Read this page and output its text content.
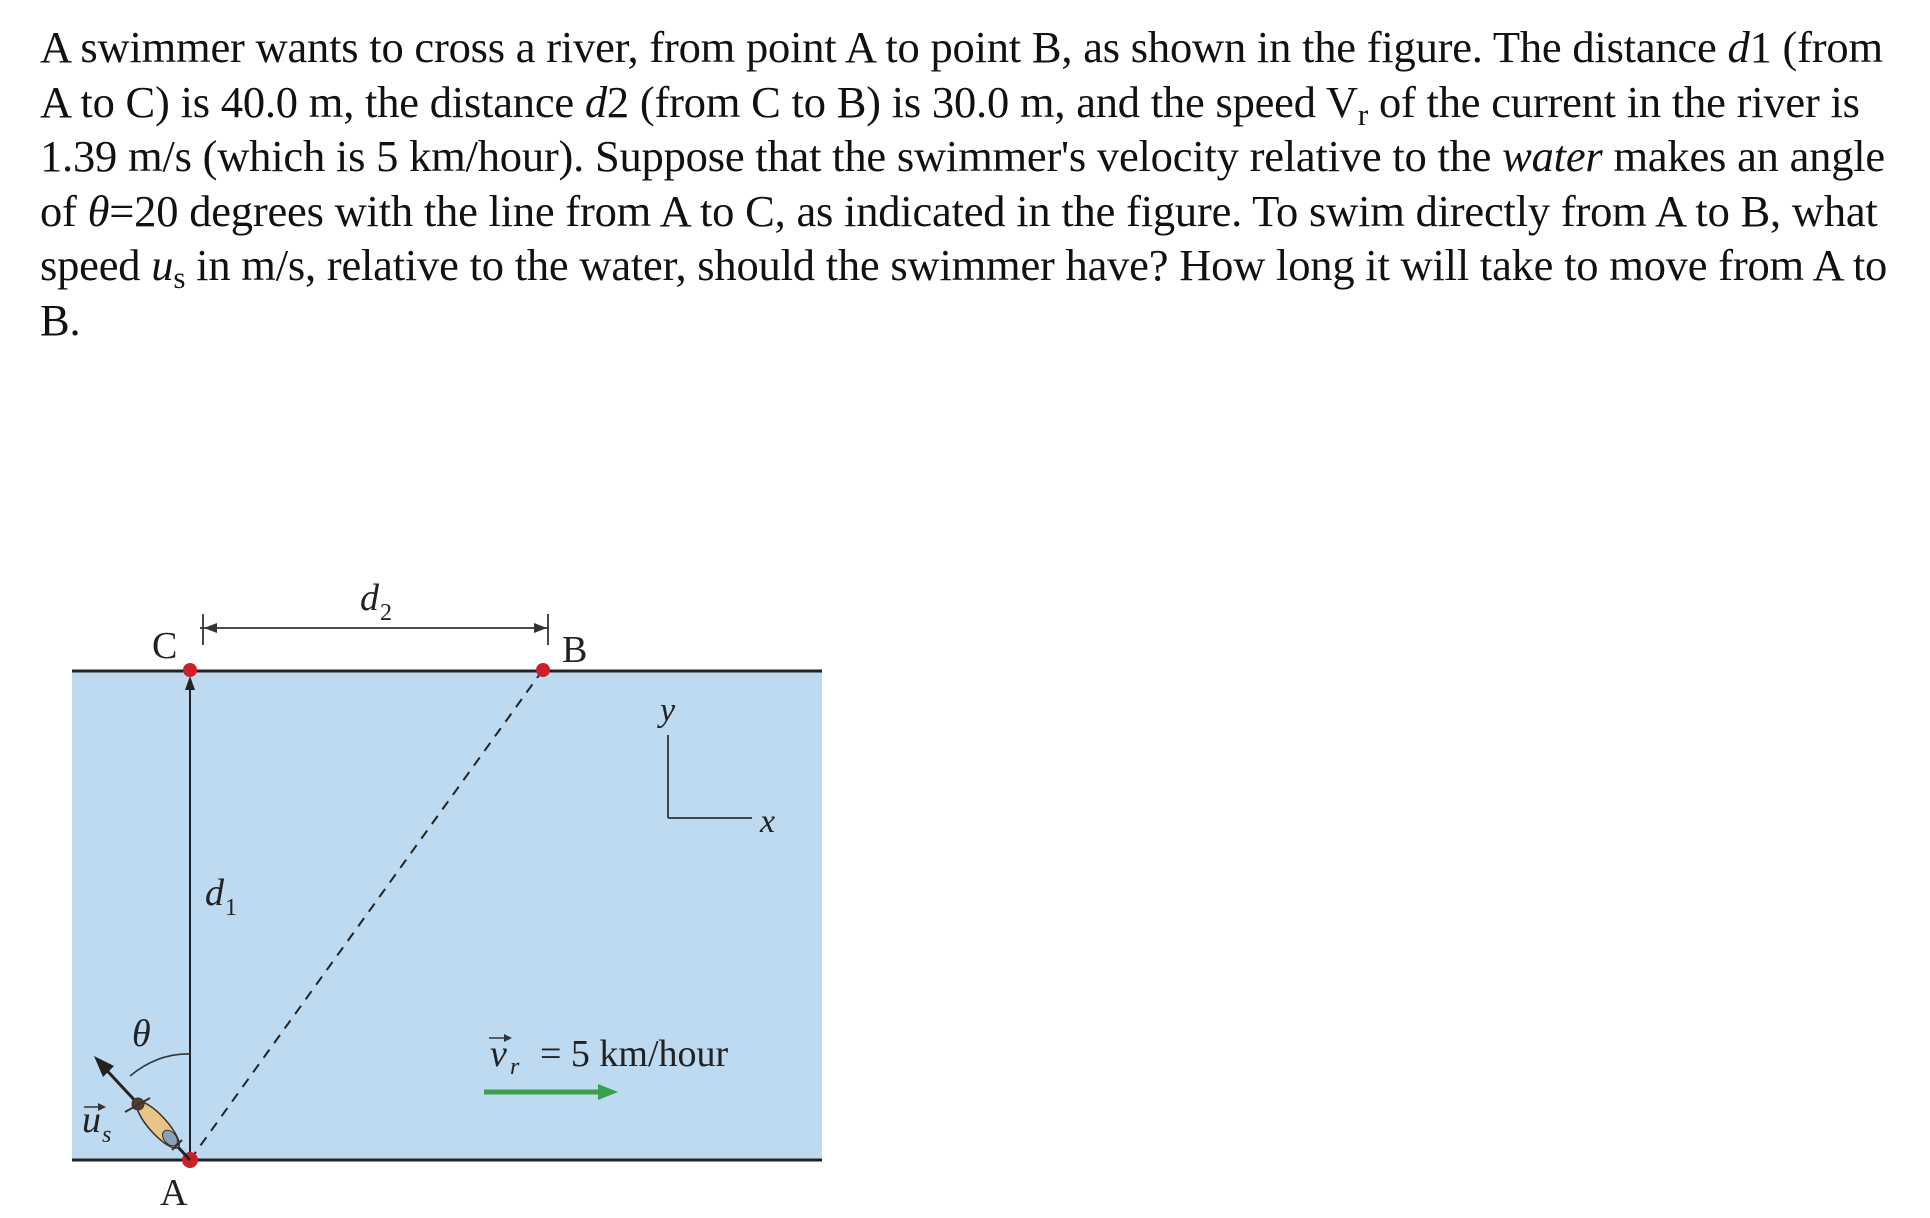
A swimmer wants to cross a river, from point A to point B, as shown in the figure. The distance d1 (from A to C) is 40.0 m, the distance d2 (from C to B) is 30.0 m, and the speed $V_r$ of the current in the river is 1.39 m/s (which is 5 km/hour). Suppose that the swimmer's velocity relative to the water makes an angle of θ=20 degrees with the line from A to C, as indicated in the figure. To swim directly from A to B, what speed $u_s$ in m/s, relative to the water, should the swimmer have? How long it will take to move from A to B.

C	B
A
d 2
d 1
θ
y
x
u s
v r = 5 km/hour
